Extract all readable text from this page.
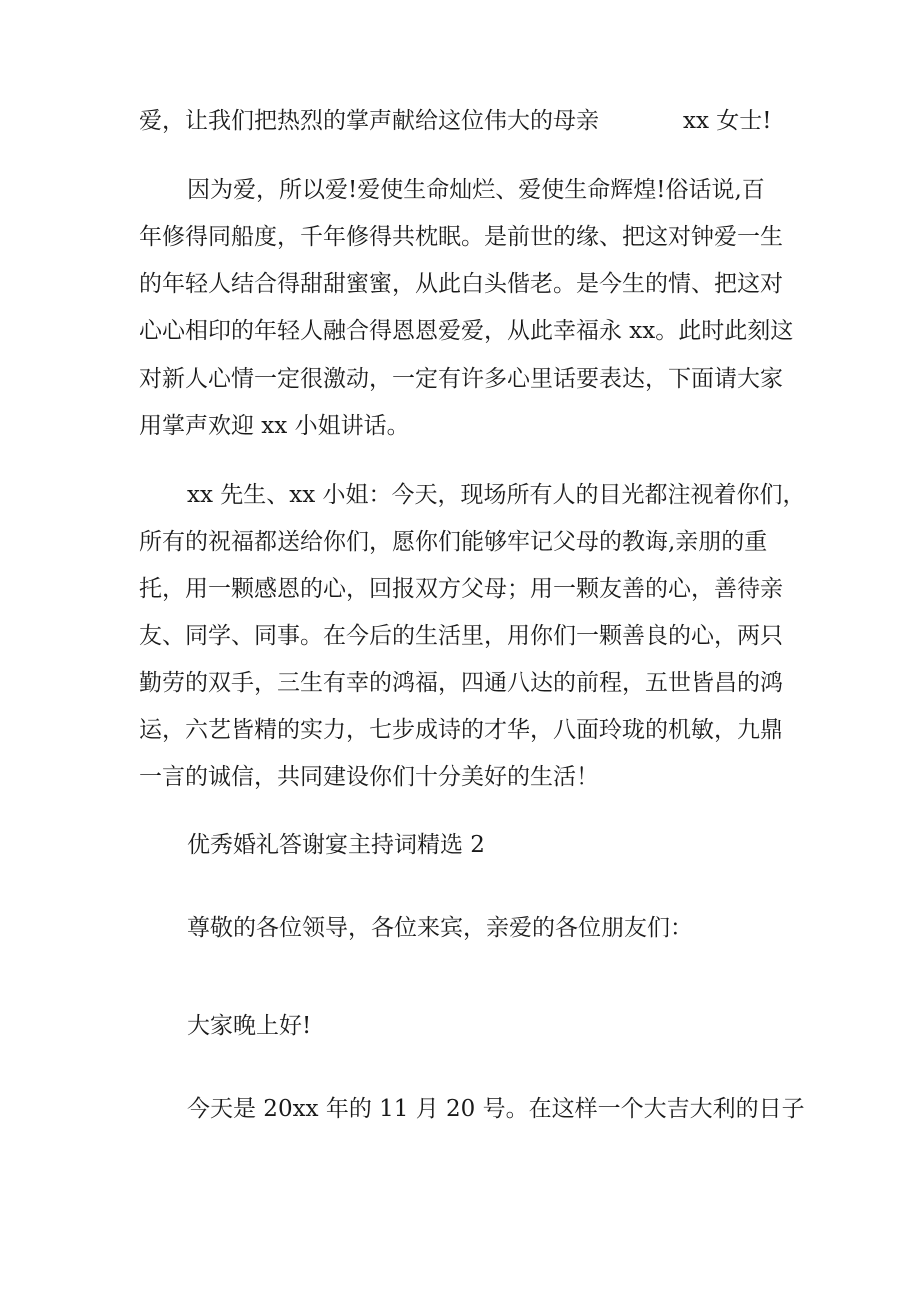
爱，让我们把热烈的掌声献给这位伟大的母亲	xx 女士!
因为爱，所以爱!爱使生命灿烂、爱使生命辉煌!俗话说,百
年修得同船度，千年修得共枕眠。是前世的缘、把这对钟爱一生
的年轻人结合得甜甜蜜蜜，从此白头偕老。是今生的情、把这对
心心相印的年轻人融合得恩恩爱爱，从此幸福永 xx。此时此刻这
对新人心情一定很激动，一定有许多心里话要表达，下面请大家
用掌声欢迎 xx 小姐讲话。
xx 先生、xx 小姐：今天，现场所有人的目光都注视着你们，
所有的祝福都送给你们，愿你们能够牢记父母的教诲,亲朋的重
托，用一颗感恩的心，回报双方父母；用一颗友善的心，善待亲
友、同学、同事。在今后的生活里，用你们一颗善良的心，两只
勤劳的双手，三生有幸的鸿福，四通八达的前程，五世皆昌的鸿
运，六艺皆精的实力，七步成诗的才华，八面玲珑的机敏，九鼎
一言的诚信，共同建设你们十分美好的生活！
优秀婚礼答谢宴主持词精选 2
尊敬的各位领导，各位来宾，亲爱的各位朋友们：
大家晚上好!
今天是 20xx 年的 11 月 20 号。在这样一个大吉大利的日子
